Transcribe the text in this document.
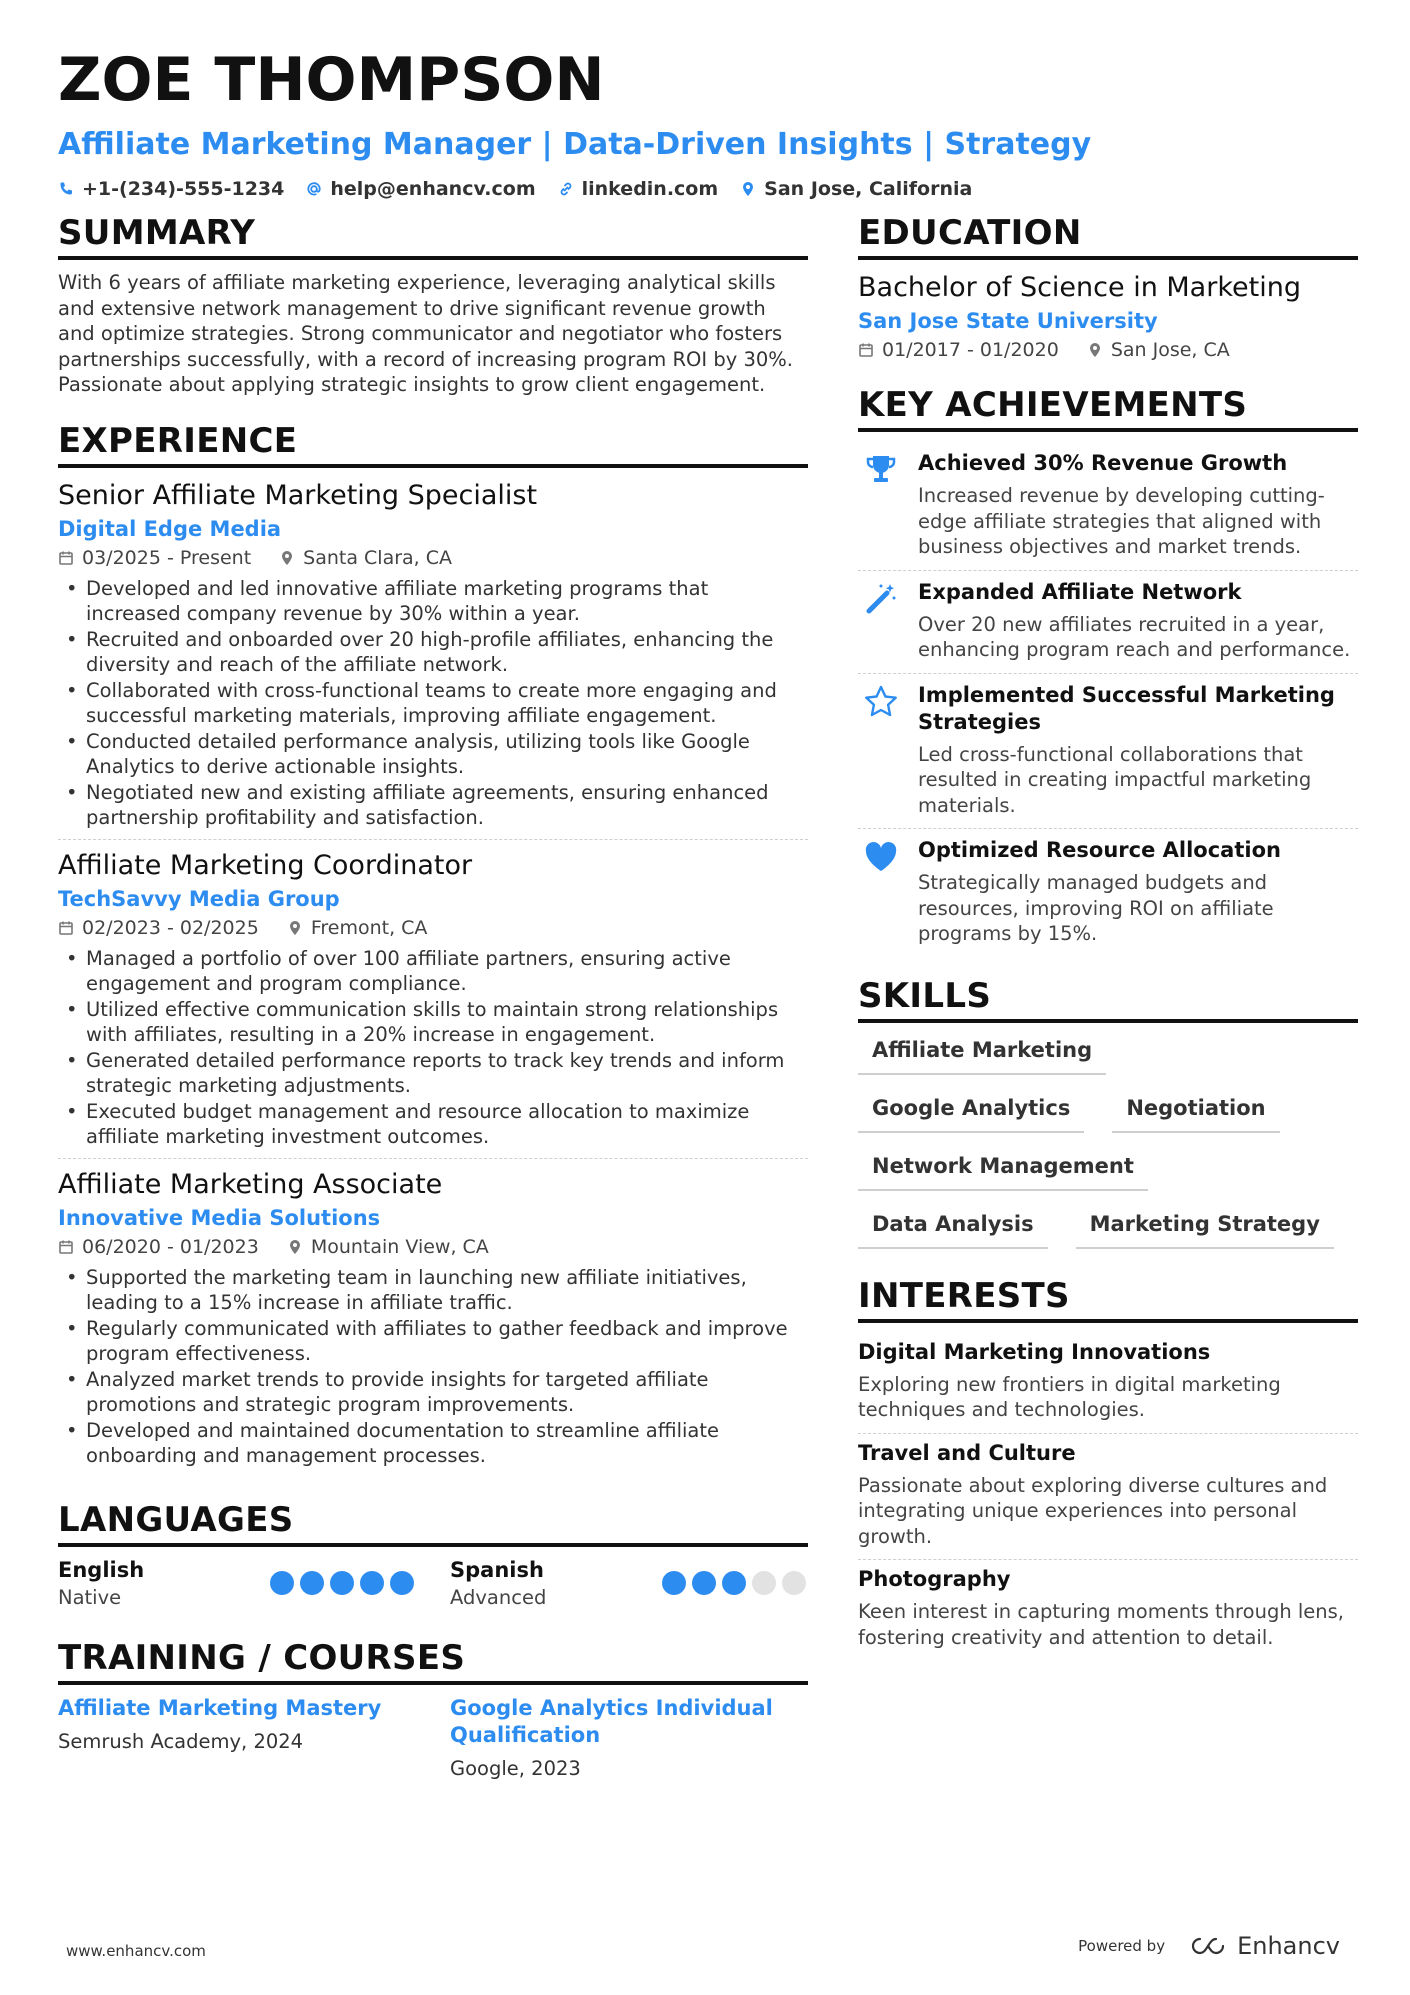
ZOE THOMPSON
Affiliate Marketing Manager | Data-Driven Insights | Strategy
+1-(234)-555-1234 help@enhancv.com linkedin.com San Jose, California
SUMMARY
With 6 years of affiliate marketing experience, leveraging analytical skills and extensive network management to drive significant revenue growth and optimize strategies. Strong communicator and negotiator who fosters partnerships successfully, with a record of increasing program ROI by 30%. Passionate about applying strategic insights to grow client engagement.
EXPERIENCE
Senior Affiliate Marketing Specialist
Digital Edge Media
03/2025 - Present	Santa Clara, CA
• Developed and led innovative affiliate marketing programs that increased company revenue by 30% within a year.
• Recruited and onboarded over 20 high-profile affiliates, enhancing the diversity and reach of the affiliate network.
• Collaborated with cross-functional teams to create more engaging and successful marketing materials, improving affiliate engagement.
• Conducted detailed performance analysis, utilizing tools like Google Analytics to derive actionable insights.
• Negotiated new and existing affiliate agreements, ensuring enhanced partnership profitability and satisfaction.
Affiliate Marketing Coordinator
TechSavvy Media Group
02/2023 - 02/2025	Fremont, CA
• Managed a portfolio of over 100 affiliate partners, ensuring active engagement and program compliance.
• Utilized effective communication skills to maintain strong relationships with affiliates, resulting in a 20% increase in engagement.
• Generated detailed performance reports to track key trends and inform strategic marketing adjustments.
• Executed budget management and resource allocation to maximize affiliate marketing investment outcomes.
Affiliate Marketing Associate
Innovative Media Solutions
06/2020 - 01/2023	Mountain View, CA
• Supported the marketing team in launching new affiliate initiatives, leading to a 15% increase in affiliate traffic.
• Regularly communicated with affiliates to gather feedback and improve program effectiveness.
• Analyzed market trends to provide insights for targeted affiliate promotions and strategic program improvements.
• Developed and maintained documentation to streamline affiliate onboarding and management processes.
LANGUAGES
English
Native
Spanish
Advanced
TRAINING / COURSES
Affiliate Marketing Mastery
Semrush Academy, 2024
Google Analytics Individual Qualification
Google, 2023
EDUCATION
Bachelor of Science in Marketing
San Jose State University
01/2017 - 01/2020	San Jose, CA
KEY ACHIEVEMENTS
Achieved 30% Revenue Growth
Increased revenue by developing cutting-edge affiliate strategies that aligned with business objectives and market trends.
Expanded Affiliate Network
Over 20 new affiliates recruited in a year, enhancing program reach and performance.
Implemented Successful Marketing Strategies
Led cross-functional collaborations that resulted in creating impactful marketing materials.
Optimized Resource Allocation
Strategically managed budgets and resources, improving ROI on affiliate programs by 15%.
SKILLS
Affiliate Marketing
Google Analytics	Negotiation
Network Management
Data Analysis	Marketing Strategy
INTERESTS
Digital Marketing Innovations
Exploring new frontiers in digital marketing techniques and technologies.
Travel and Culture
Passionate about exploring diverse cultures and integrating unique experiences into personal growth.
Photography
Keen interest in capturing moments through lens, fostering creativity and attention to detail.
www.enhancv.com	Powered by	Enhancv
